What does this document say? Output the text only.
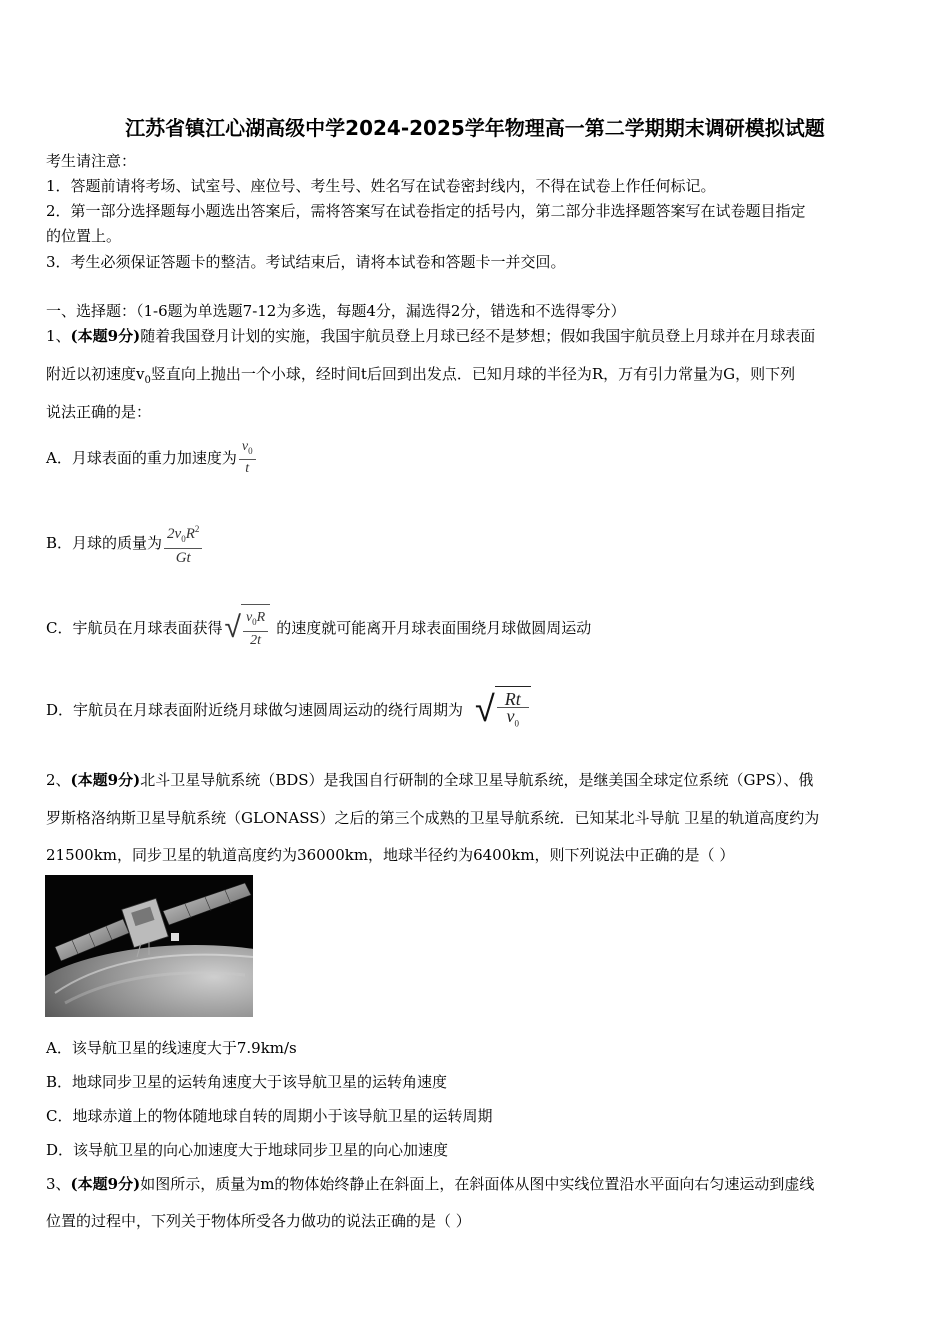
江苏省镇江心湖高级中学2024-2025学年物理高一第二学期期末调研模拟试题
考生请注意：
1．答题前请将考场、试室号、座位号、考生号、姓名写在试卷密封线内，不得在试卷上作任何标记。
2．第一部分选择题每小题选出答案后，需将答案写在试卷指定的括号内，第二部分非选择题答案写在试卷题目指定
的位置上。
3．考生必须保证答题卡的整洁。考试结束后，请将本试卷和答题卡一并交回。
一、选择题：（1-6题为单选题7-12为多选，每题4分，漏选得2分，错选和不选得零分）
1、(本题9分)随着我国登月计划的实施，我国宇航员登上月球已经不是梦想；假如我国宇航员登上月球并在月球表面
附近以初速度$v_0$竖直向上抛出一个小球，经时间t后回到出发点．已知月球的半径为R，万有引力常量为G，则下列
说法正确的是：
A．月球表面的重力加速度为 $\frac{v_0}{t}$
B．月球的质量为 $\frac{2v_0R^2}{Gt}$
C．宇航员在月球表面获得 √ $\frac{v_0R}{2t}$ 的速度就可能离开月球表面围绕月球做圆周运动
D．宇航员在月球表面附近绕月球做匀速圆周运动的绕行周期为 √ $\frac{Rt}{v_0}$
2、(本题9分)北斗卫星导航系统（BDS）是我国自行研制的全球卫星导航系统，是继美国全球定位系统（GPS）、俄
罗斯格洛纳斯卫星导航系统（GLONASS）之后的第三个成熟的卫星导航系统．已知某北斗导航 卫星的轨道高度约为
21500km，同步卫星的轨道高度约为36000km，地球半径约为6400km，则下列说法中正确的是（ ）
A．该导航卫星的线速度大于7.9km/s
B．地球同步卫星的运转角速度大于该导航卫星的运转角速度
C．地球赤道上的物体随地球自转的周期小于该导航卫星的运转周期
D．该导航卫星的向心加速度大于地球同步卫星的向心加速度
3、(本题9分)如图所示，质量为m的物体始终静止在斜面上，在斜面体从图中实线位置沿水平面向右匀速运动到虚线
位置的过程中，下列关于物体所受各力做功的说法正确的是（ ）
